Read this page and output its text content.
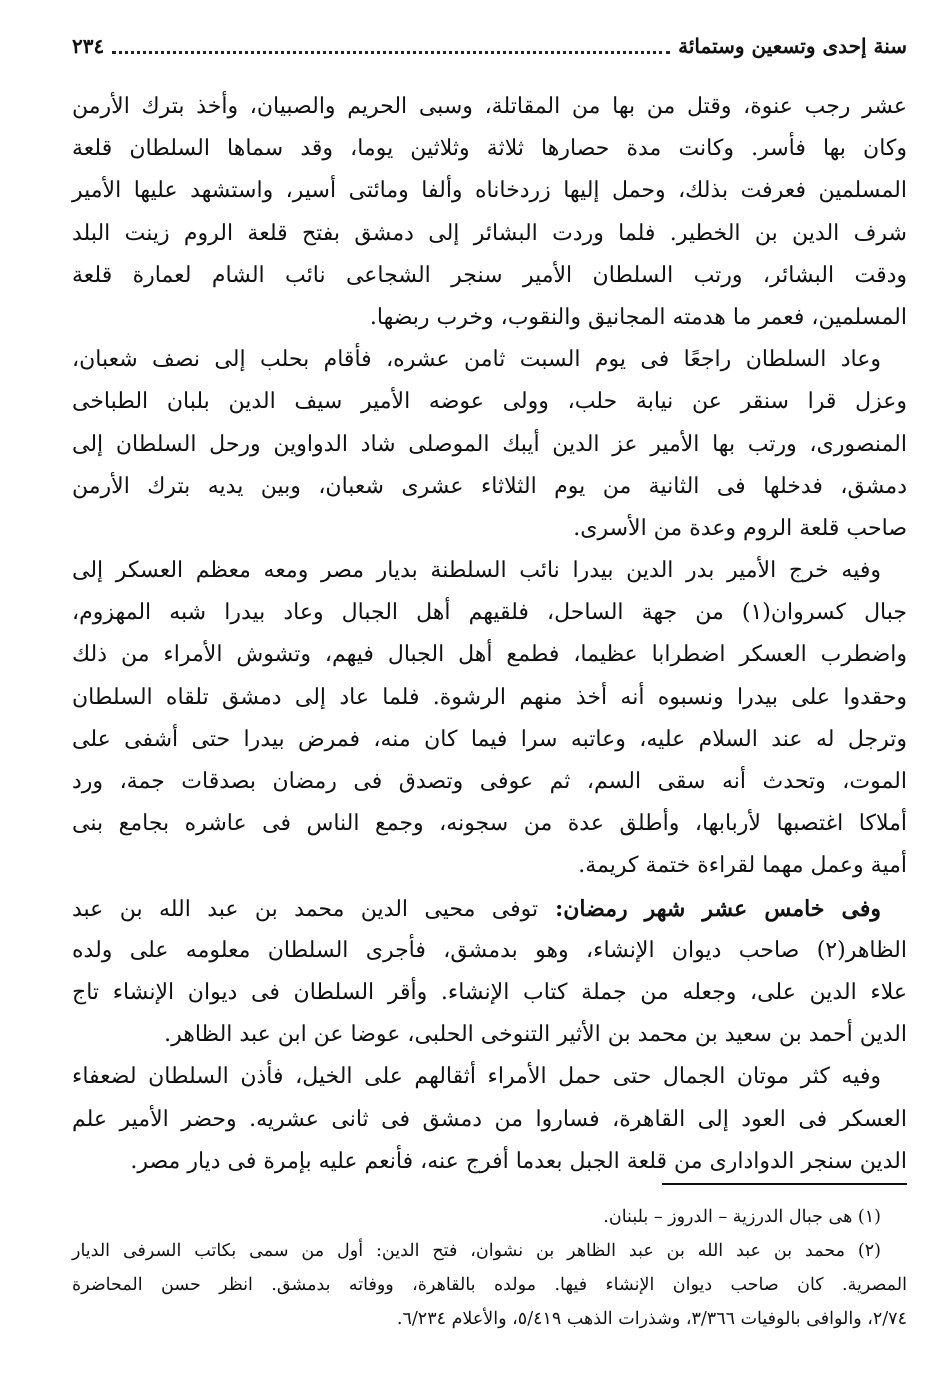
سنة إحدى وتسعين وستمائة
٢٣٤
عشر رجب عنوة، وقتل من بها من المقاتلة، وسبى الحريم والصبيان، وأخذ بترك الأرمن
وكان بها فأسر. وكانت مدة حصارها ثلاثة وثلاثين يوما، وقد سماها السلطان قلعة
المسلمين فعرفت بذلك، وحمل إليها زردخاناه وألفا ومائتى أسير، واستشهد عليها الأمير
شرف الدين بن الخطير. فلما وردت البشائر إلى دمشق بفتح قلعة الروم زينت البلد
ودقت البشائر، ورتب السلطان الأمير سنجر الشجاعى نائب الشام لعمارة قلعة
المسلمين، فعمر ما هدمته المجانيق والنقوب، وخرب ربضها.
وعاد السلطان راجعًا فى يوم السبت ثامن عشره، فأقام بحلب إلى نصف شعبان،
وعزل قرا سنقر عن نيابة حلب، وولى عوضه الأمير سيف الدين بلبان الطباخى
المنصورى، ورتب بها الأمير عز الدين أيبك الموصلى شاد الدواوين ورحل السلطان إلى
دمشق، فدخلها فى الثانية من يوم الثلاثاء عشرى شعبان، وبين يديه بترك الأرمن
صاحب قلعة الروم وعدة من الأسرى.
وفيه خرج الأمير بدر الدين بيدرا نائب السلطنة بديار مصر ومعه معظم العسكر إلى
جبال كسروان(١) من جهة الساحل، فلقيهم أهل الجبال وعاد بيدرا شبه المهزوم،
واضطرب العسكر اضطرابا عظيما، فطمع أهل الجبال فيهم، وتشوش الأمراء من ذلك
وحقدوا على بيدرا ونسبوه أنه أخذ منهم الرشوة. فلما عاد إلى دمشق تلقاه السلطان
وترجل له عند السلام عليه، وعاتبه سرا فيما كان منه، فمرض بيدرا حتى أشفى على
الموت، وتحدث أنه سقى السم، ثم عوفى وتصدق فى رمضان بصدقات جمة، ورد
أملاكا اغتصبها لأربابها، وأطلق عدة من سجونه، وجمع الناس فى عاشره بجامع بنى
أمية وعمل مهما لقراءة ختمة كريمة.
وفى خامس عشر شهر رمضان: توفى محيى الدين محمد بن عبد الله بن عبد
الظاهر(٢) صاحب ديوان الإنشاء، وهو بدمشق، فأجرى السلطان معلومه على ولده
علاء الدين على، وجعله من جملة كتاب الإنشاء. وأقر السلطان فى ديوان الإنشاء تاج
الدين أحمد بن سعيد بن محمد بن الأثير التنوخى الحلبى، عوضا عن ابن عبد الظاهر.
وفيه كثر موتان الجمال حتى حمل الأمراء أثقالهم على الخيل، فأذن السلطان لضعفاء
العسكر فى العود إلى القاهرة، فساروا من دمشق فى ثانى عشريه. وحضر الأمير علم
الدين سنجر الدوادارى من قلعة الجبل بعدما أفرج عنه، فأنعم عليه بإمرة فى ديار مصر.
(١) هى جبال الدرزية – الدروز – بلبنان.
(٢) محمد بن عبد الله بن عبد الظاهر بن نشوان، فتح الدين: أول من سمى بكاتب السرفى الديار
المصرية. كان صاحب ديوان الإنشاء فيها. مولده بالقاهرة، ووفاته بدمشق. انظر حسن المحاضرة
٢/٧٤، والوافى بالوفيات ٣/٣٦٦، وشذرات الذهب ٥/٤١٩، والأعلام ٦/٢٣٤.
